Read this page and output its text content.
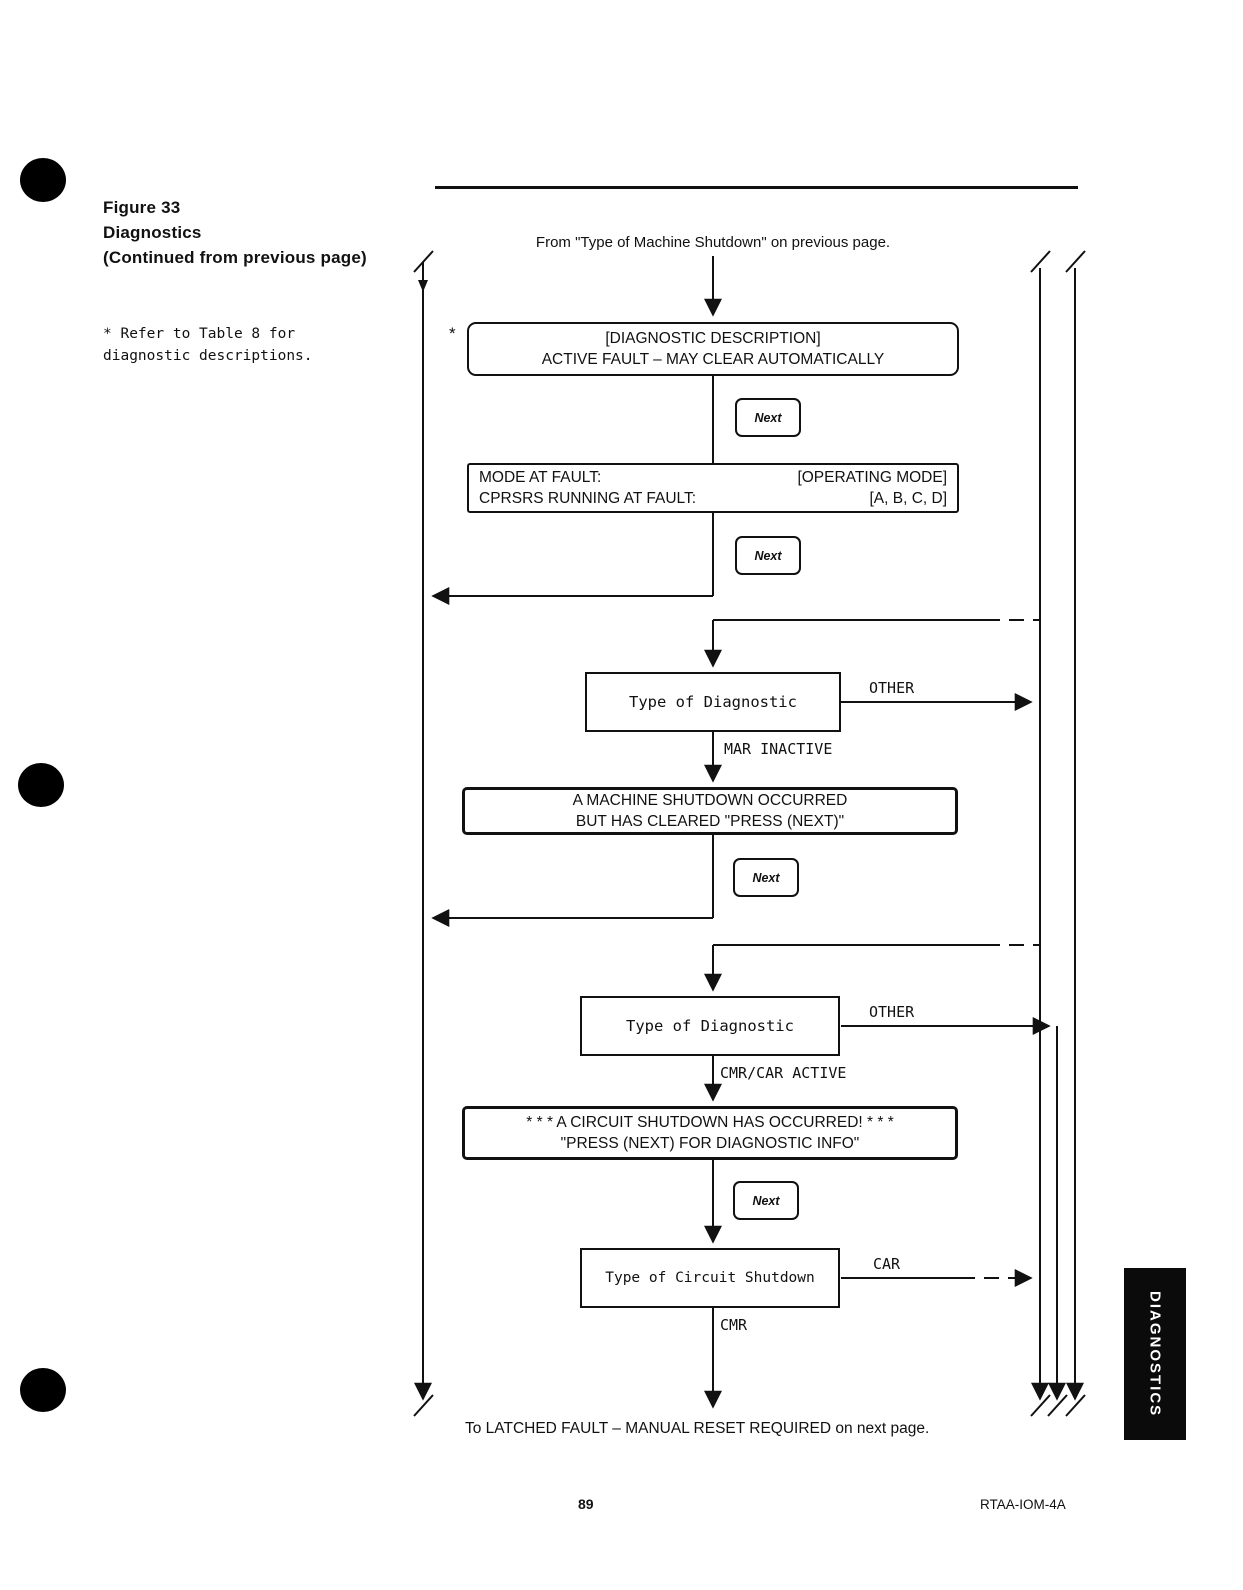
Figure 33
Diagnostics
(Continued from previous page)
* Refer to Table 8 for
diagnostic descriptions.
From "Type of Machine Shutdown" on previous page.
*	[DIAGNOSTIC DESCRIPTION]
ACTIVE FAULT – MAY CLEAR AUTOMATICALLY
Next
MODE AT FAULT:	[OPERATING MODE]
CPRSRS RUNNING AT FAULT:	[A, B, C, D]
Next
Type of Diagnostic
OTHER
MAR INACTIVE
A MACHINE SHUTDOWN OCCURRED
BUT HAS CLEARED "PRESS (NEXT)"
Next
Type of Diagnostic
OTHER
CMR/CAR ACTIVE
* * * A CIRCUIT SHUTDOWN HAS OCCURRED! * * *
"PRESS (NEXT) FOR DIAGNOSTIC INFO"
Next
Type of Circuit Shutdown
CAR
CMR
To LATCHED FAULT – MANUAL RESET REQUIRED on next page.
DIAGNOSTICS
89	RTAA-IOM-4A
